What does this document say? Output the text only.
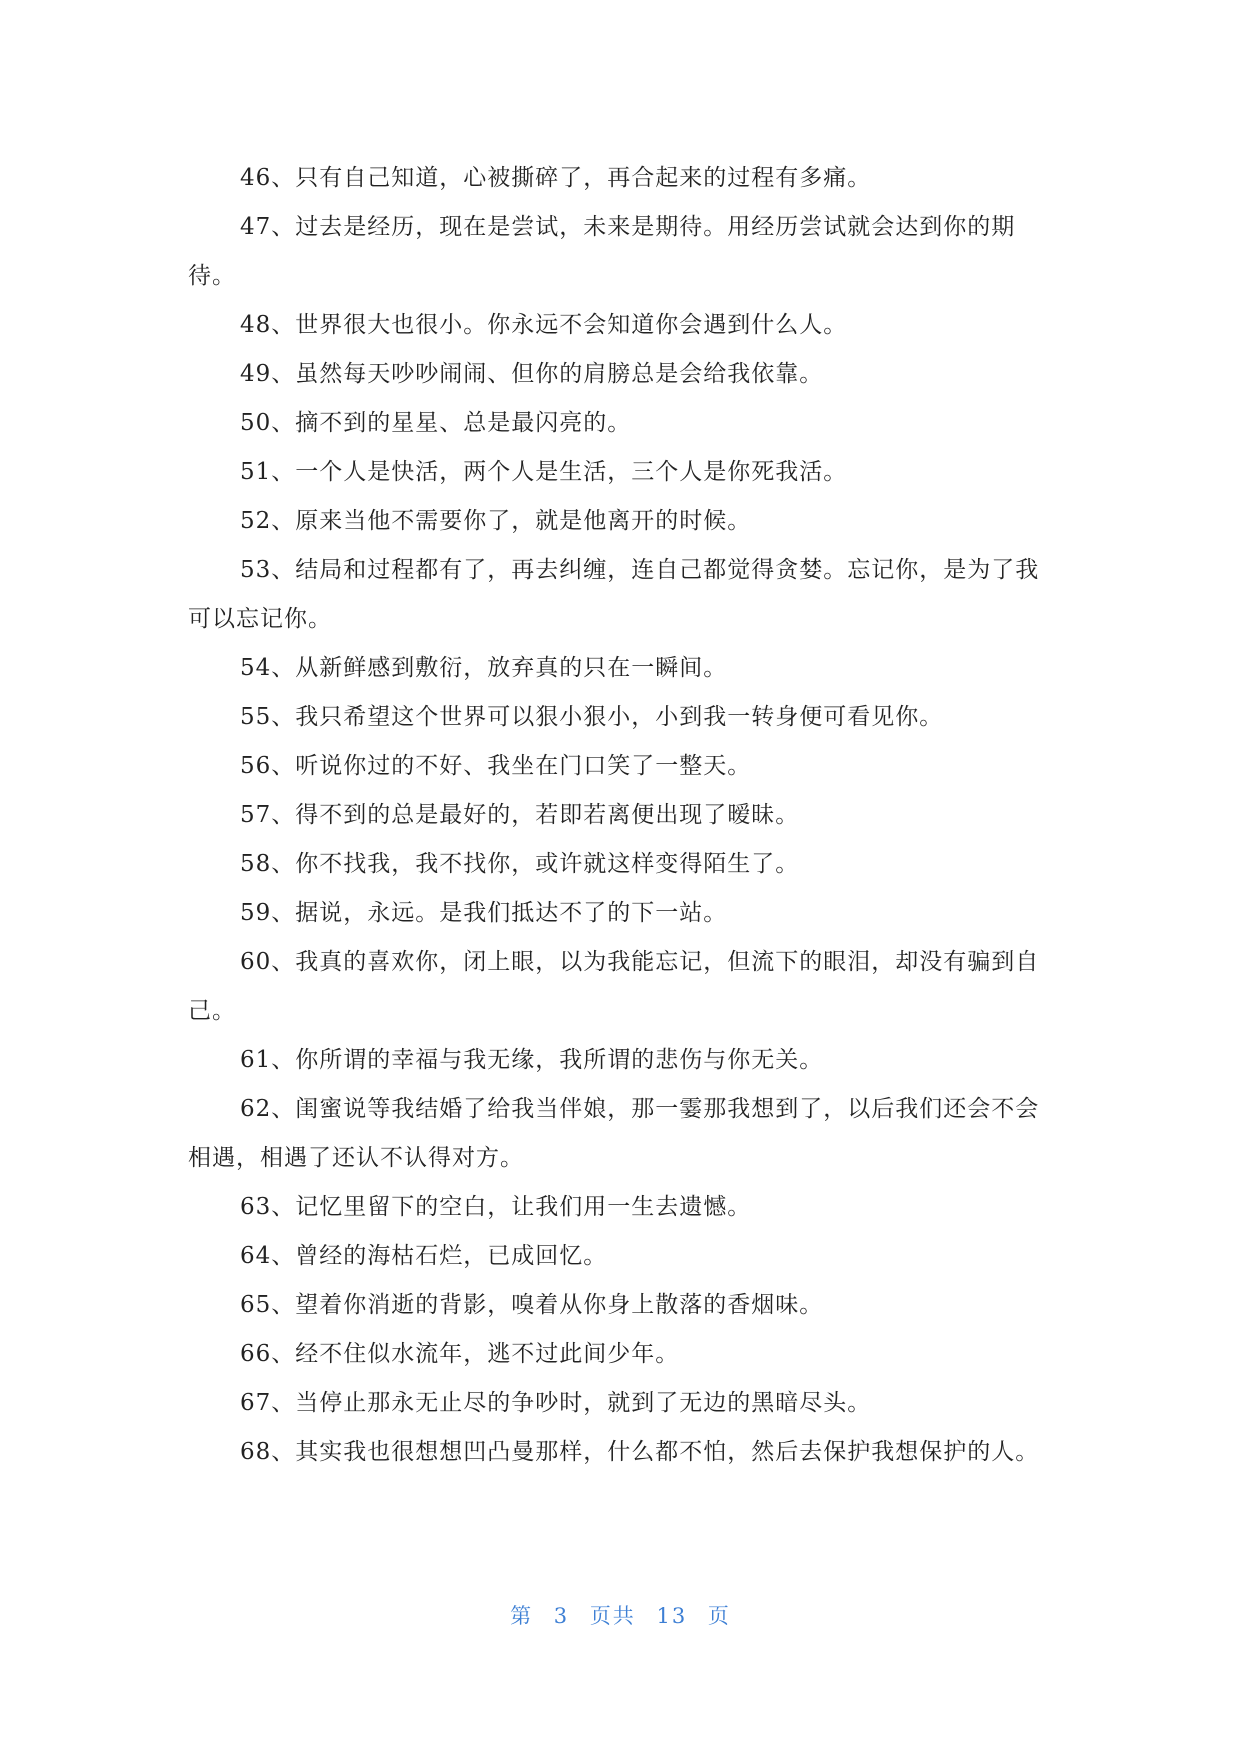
46、只有自己知道，心被撕碎了，再合起来的过程有多痛。

47、过去是经历，现在是尝试，未来是期待。用经历尝试就会达到你的期待。

48、世界很大也很小。你永远不会知道你会遇到什么人。

49、虽然每天吵吵闹闹、但你的肩膀总是会给我依靠。

50、摘不到的星星、总是最闪亮的。

51、一个人是快活，两个人是生活，三个人是你死我活。

52、原来当他不需要你了，就是他离开的时候。

53、结局和过程都有了，再去纠缠，连自己都觉得贪婪。忘记你，是为了我可以忘记你。

54、从新鲜感到敷衍，放弃真的只在一瞬间。

55、我只希望这个世界可以狠小狠小，小到我一转身便可看见你。

56、听说你过的不好、我坐在门口笑了一整天。

57、得不到的总是最好的，若即若离便出现了暧昧。

58、你不找我，我不找你，或许就这样变得陌生了。

59、据说，永远。是我们抵达不了的下一站。

60、我真的喜欢你，闭上眼，以为我能忘记，但流下的眼泪，却没有骗到自己。

61、你所谓的幸福与我无缘，我所谓的悲伤与你无关。

62、闺蜜说等我结婚了给我当伴娘，那一霎那我想到了，以后我们还会不会相遇，相遇了还认不认得对方。

63、记忆里留下的空白，让我们用一生去遗憾。

64、曾经的海枯石烂，已成回忆。

65、望着你消逝的背影，嗅着从你身上散落的香烟味。

66、经不住似水流年，逃不过此间少年。

67、当停止那永无止尽的争吵时，就到了无边的黑暗尽头。

68、其实我也很想想凹凸曼那样，什么都不怕，然后去保护我想保护的人。

第 3 页共 13 页
